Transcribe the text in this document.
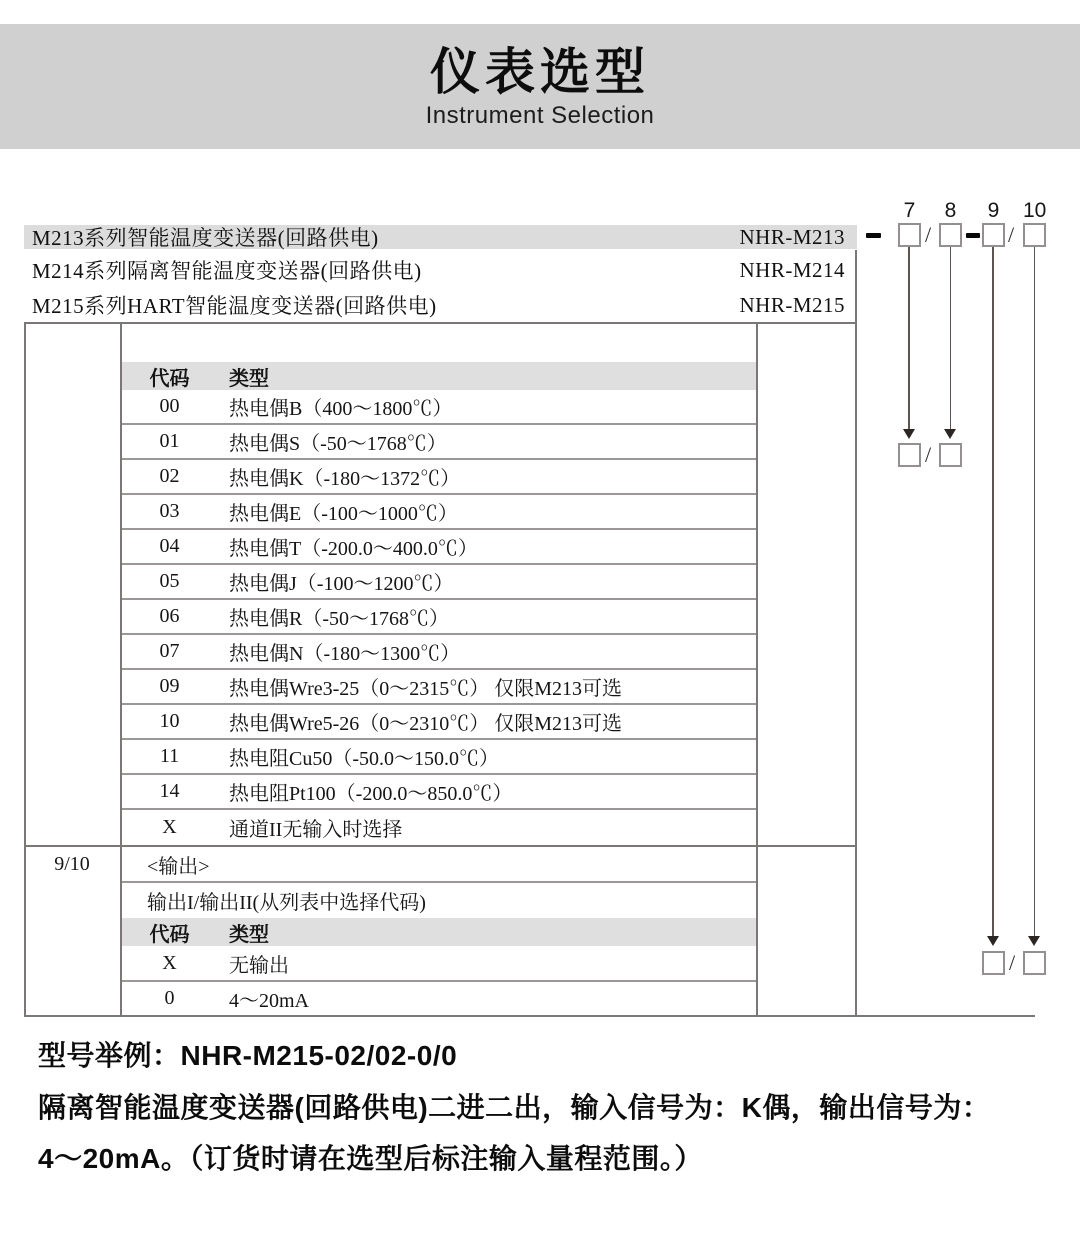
仪表选型
Instrument Selection
M213系列智能温度变送器(回路供电)	NHR-M213
M214系列隔离智能温度变送器(回路供电)	NHR-M214
M215系列HART智能温度变送器(回路供电)	NHR-M215
代码	类型
00	热电偶B（400～1800℃）
01	热电偶S（-50～1768℃）
02	热电偶K（-180～1372℃）
03	热电偶E（-100～1000℃）
04	热电偶T（-200.0～400.0℃）
05	热电偶J（-100～1200℃）
06	热电偶R（-50～1768℃）
07	热电偶N（-180～1300℃）
09	热电偶Wre3-25（0～2315℃） 仅限M213可选
10	热电偶Wre5-26（0～2310℃） 仅限M213可选
11	热电阻Cu50（-50.0～150.0℃）
14	热电阻Pt100（-200.0～850.0℃）
X	通道II无输入时选择
9/10	<输出>
输出I/输出II(从列表中选择代码)
代码	类型
X	无输出
0	4～20mA
7 8 9 10
/	/
/
/
型号举例：NHR-M215-02/02-0/0
隔离智能温度变送器(回路供电)二进二出，输入信号为：K偶，输出信号为：
4～20mA。（订货时请在选型后标注输入量程范围。）
